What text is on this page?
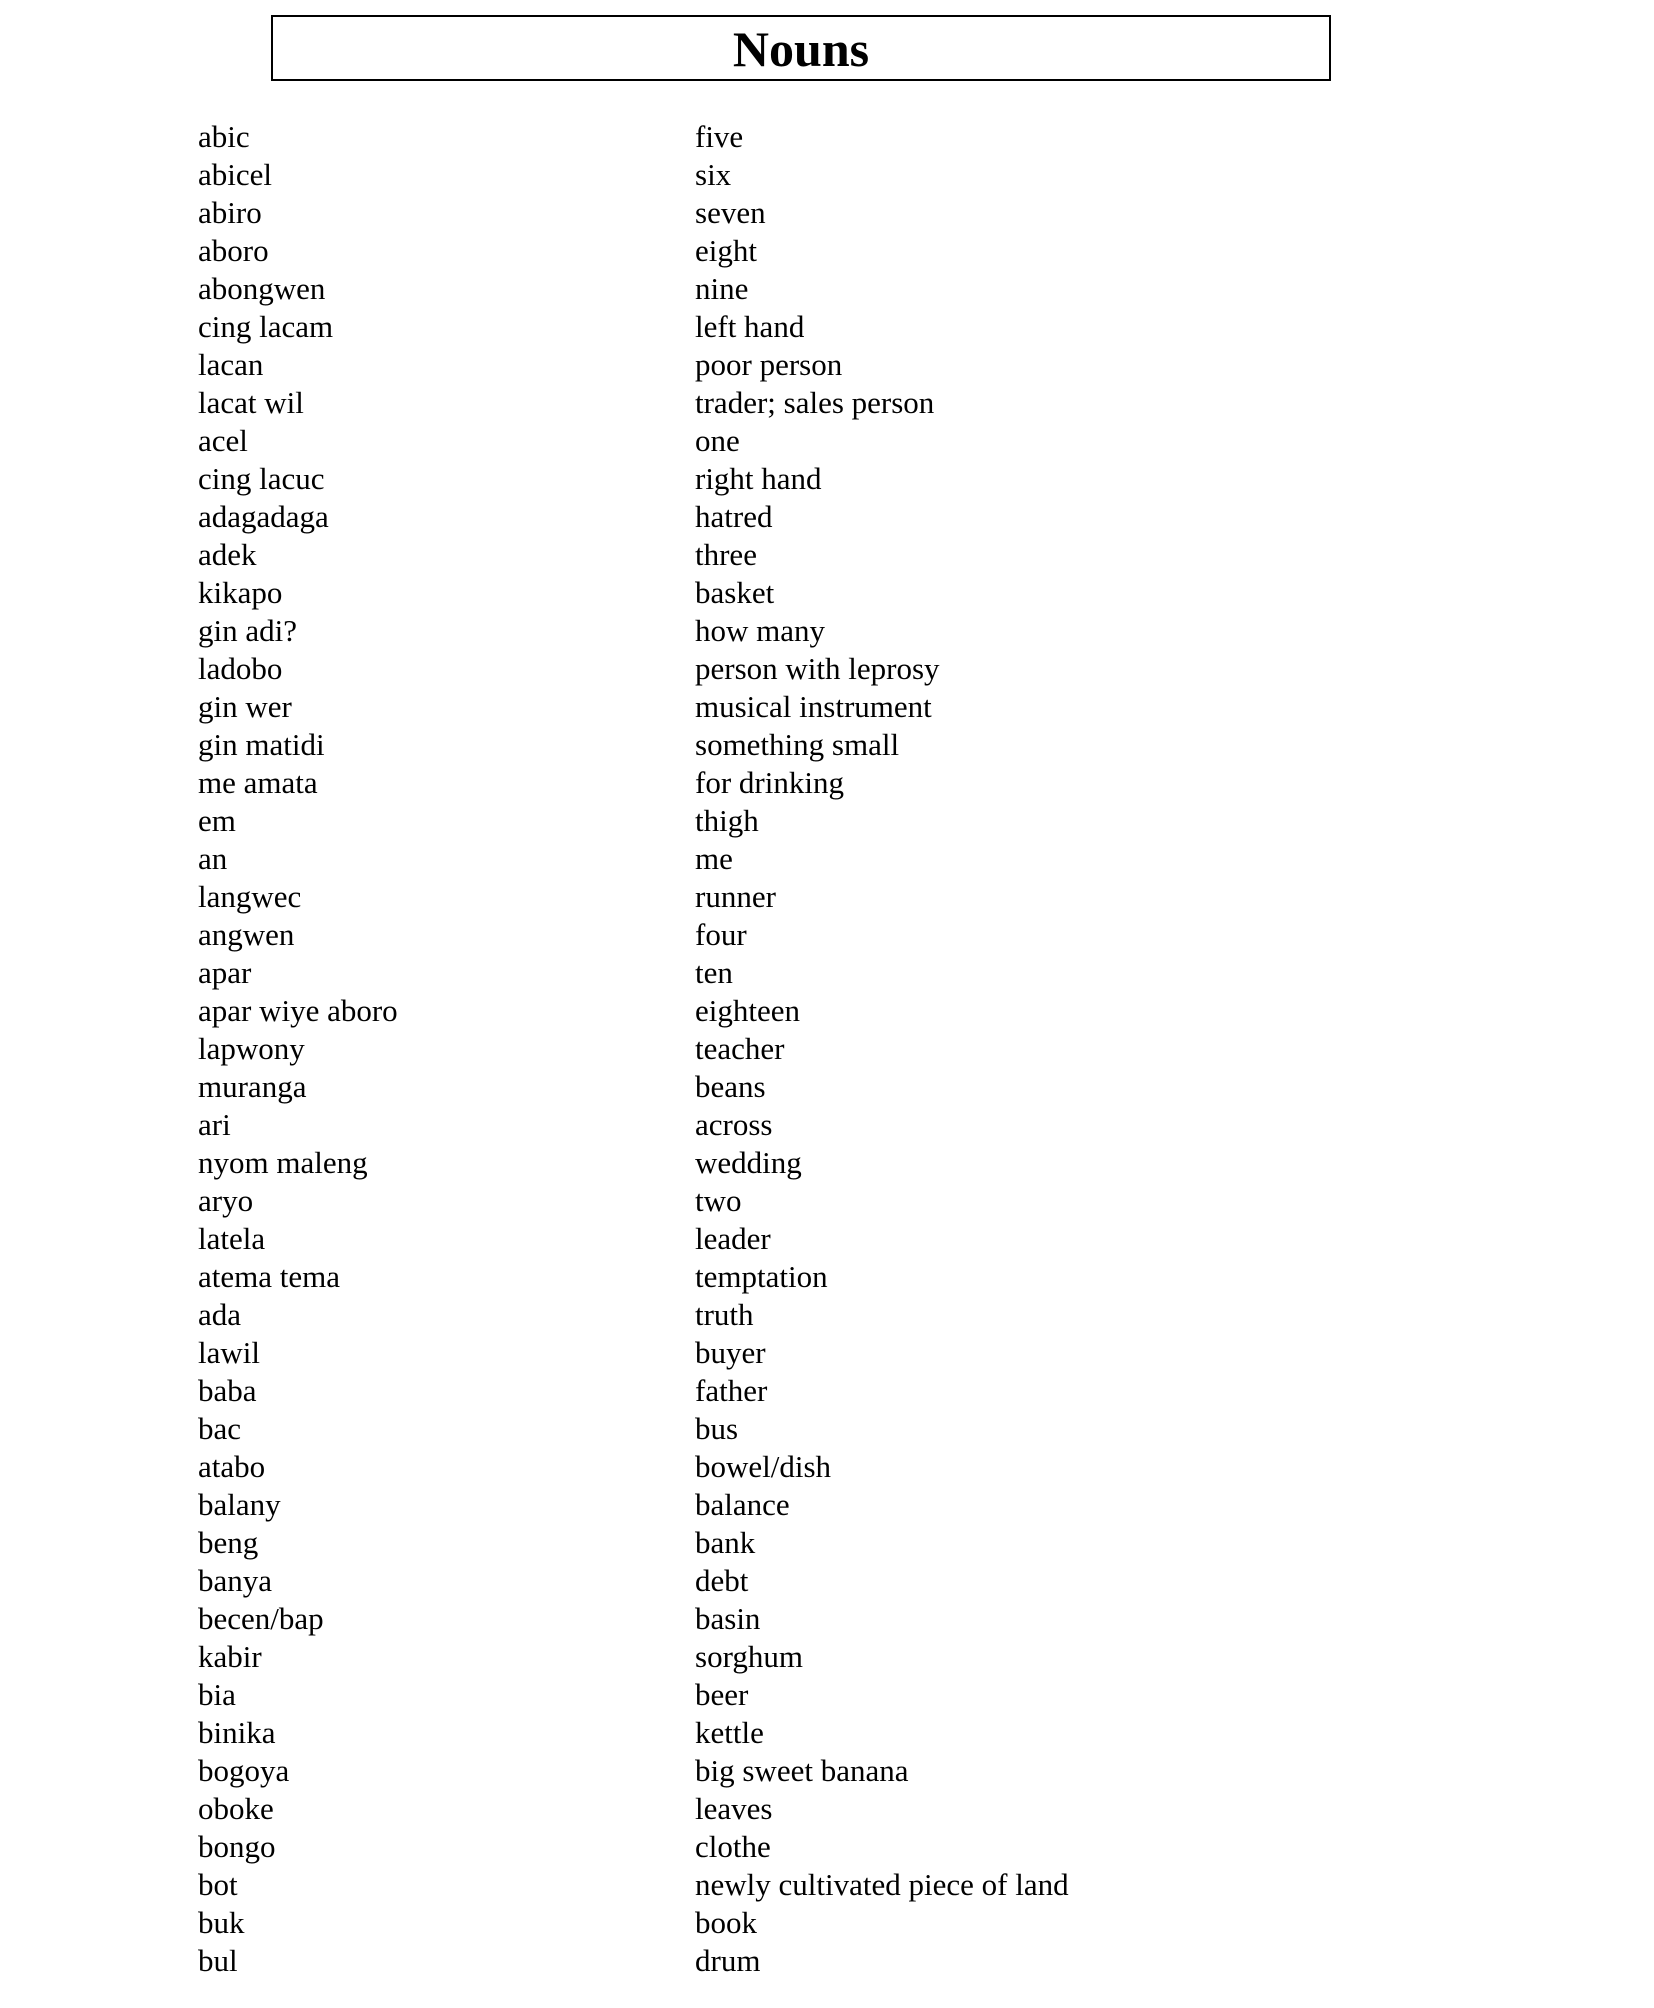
Nouns
abic	five
abicel	six
abiro	seven
aboro	eight
abongwen	nine
cing lacam	left hand
lacan	poor person
lacat wil	trader; sales person
acel	one
cing lacuc	right hand
adagadaga	hatred
adek	three
kikapo	basket
gin adi?	how many
ladobo	person with leprosy
gin wer	musical instrument
gin matidi	something small
me amata	for drinking
em	thigh
an	me
langwec	runner
angwen	four
apar	ten
apar wiye aboro	eighteen
lapwony	teacher
muranga	beans
ari	across
nyom maleng	wedding
aryo	two
latela	leader
atema tema	temptation
ada	truth
lawil	buyer
baba	father
bac	bus
atabo	bowel/dish
balany	balance
beng	bank
banya	debt
becen/bap	basin
kabir	sorghum
bia	beer
binika	kettle
bogoya	big sweet banana
oboke	leaves
bongo	clothe
bot	newly cultivated piece of land
buk	book
bul	drum
